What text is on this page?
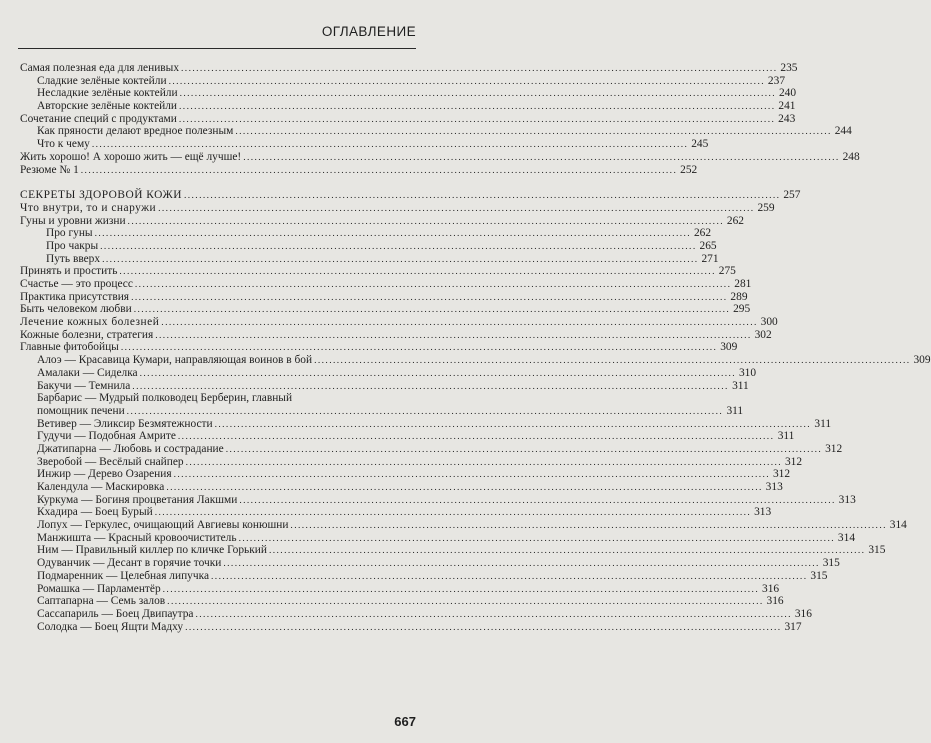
ОГЛАВЛЕНИЕ
Самая полезная еда для ленивых .....	235
Сладкие зелёные коктейли .....	237
Несладкие зелёные коктейли .....	240
Авторские зелёные коктейли .....	241
Сочетание специй с продуктами .....	243
Как пряности делают вредное полезным .....	244
Что к чему .....	245
Жить хорошо! А хорошо жить — ещё лучше! .....	248
Резюме № 1 .....	252
СЕКРЕТЫ ЗДОРОВОЙ КОЖИ .....	257
Что внутри, то и снаружи .....	259
Гуны и уровни жизни .....	262
Про гуны .....	262
Про чакры .....	265
Путь вверх .....	271
Принять и простить .....	275
Счастье — это процесс .....	281
Практика присутствия .....	289
Быть человеком любви .....	295
Лечение кожных болезней .....	300
Кожные болезни, стратегия .....	302
Главные фитобойцы .....	309
Алоэ — Красавица Кумари, направляющая воинов в бой .....	309
Амалаки — Сиделка .....	310
Бакучи — Темнила .....	311
Барбарис — Мудрый полководец Берберин, главный
помощник печени .....	311
Ветивер — Эликсир Безмятежности .....	311
Гудучи — Подобная Амрите .....	311
Джатипарна — Любовь и сострадание .....	312
Зверобой — Весёлый снайпер .....	312
Инжир — Дерево Озарения .....	312
Календула — Маскировка .....	313
Куркума — Богиня процветания Лакшми .....	313
Кхадира — Боец Бурый .....	313
Лопух — Геркулес, очищающий Авгиевы конюшни .....	314
Манжишта — Красный кровоочиститель .....	314
Ним — Правильный киллер по кличке Горький .....	315
Одуванчик — Десант в горячие точки .....	315
Подмаренник — Целебная липучка .....	315
Ромашка — Парламентёр .....	316
Саптапарна — Семь залов .....	316
Сассапариль — Боец Двипаутра .....	316
Солодка — Боец Ящти Мадху .....	317
667
